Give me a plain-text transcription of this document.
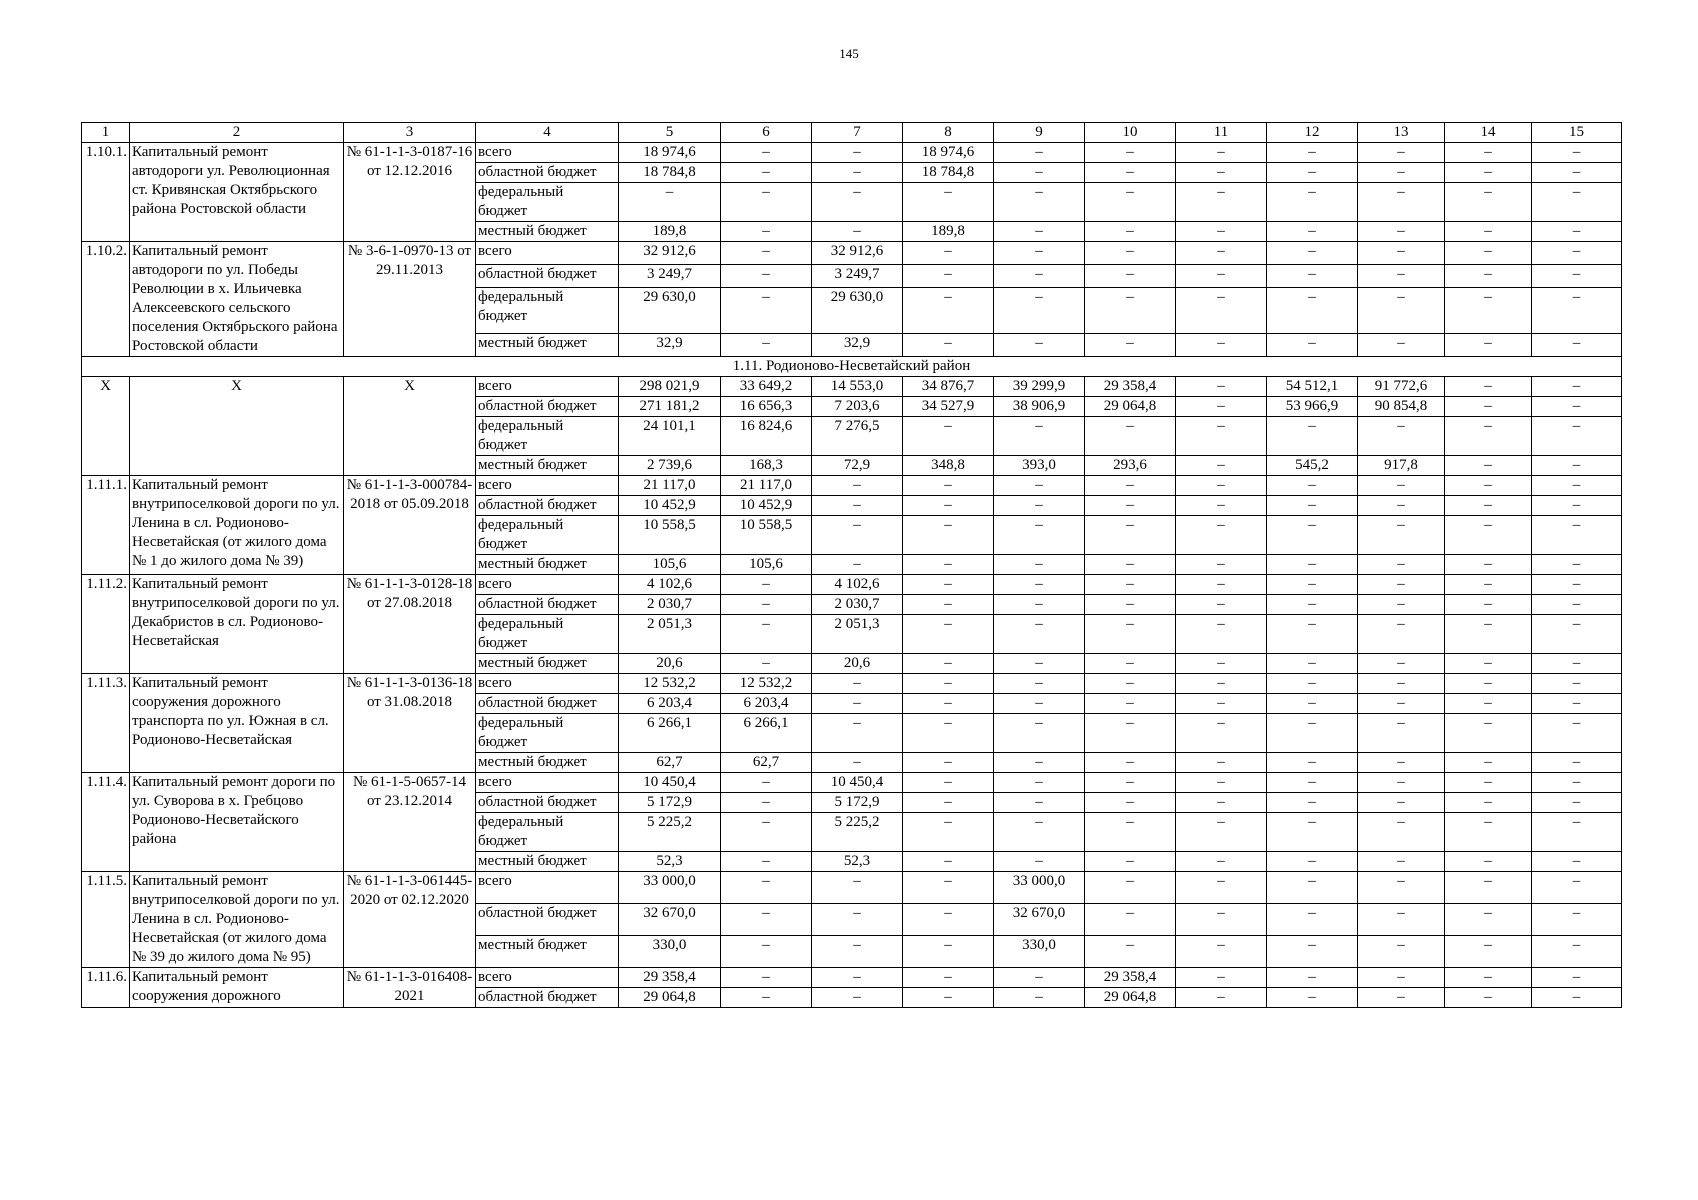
145
1	2	3	4	5	6	7	8	9	10	11	12	13	14	15
1.10.1.	Капитальный ремонт автодороги ул. Революционная ст. Кривянская Октябрьского района Ростовской области	№ 61-1-1-3-0187-16 от 12.12.2016	всего	18 974,6	–	–	18 974,6	–	–	–	–	–	–	–
			областной бюджет	18 784,8	–	–	18 784,8	–	–	–	–	–	–	–
			федеральный бюджет	–	–	–	–	–	–	–	–	–	–	–
			местный бюджет	189,8	–	–	189,8	–	–	–	–	–	–	–
1.10.2.	Капитальный ремонт автодороги по ул. Победы Революции в х. Ильичевка Алексеевского сельского поселения Октябрьского района Ростовской области	№ 3-6-1-0970-13 от 29.11.2013	всего	32 912,6	–	32 912,6	–	–	–	–	–	–	–	–
			областной бюджет	3 249,7	–	3 249,7	–	–	–	–	–	–	–	–
			федеральный бюджет	29 630,0	–	29 630,0	–	–	–	–	–	–	–	–
			местный бюджет	32,9	–	32,9	–	–	–	–	–	–	–	–
1.11. Родионово-Несветайский район														
Х	Х	Х	всего	298 021,9	33 649,2	14 553,0	34 876,7	39 299,9	29 358,4	–	54 512,1	91 772,6	–	–
			областной бюджет	271 181,2	16 656,3	7 203,6	34 527,9	38 906,9	29 064,8	–	53 966,9	90 854,8	–	–
			федеральный бюджет	24 101,1	16 824,6	7 276,5	–	–	–	–	–	–	–	–
			местный бюджет	2 739,6	168,3	72,9	348,8	393,0	293,6	–	545,2	917,8	–	–
1.11.1.	Капитальный ремонт внутрипоселковой дороги по ул. Ленина в сл. Родионово-Несветайская (от жилого дома № 1 до жилого дома № 39)	№ 61-1-1-3-000784-2018 от 05.09.2018	всего	21 117,0	21 117,0	–	–	–	–	–	–	–	–	–
			областной бюджет	10 452,9	10 452,9	–	–	–	–	–	–	–	–	–
			федеральный бюджет	10 558,5	10 558,5	–	–	–	–	–	–	–	–	–
			местный бюджет	105,6	105,6	–	–	–	–	–	–	–	–	–
1.11.2.	Капитальный ремонт внутрипоселковой дороги по ул. Декабристов в сл. Родионово-Несветайская	№ 61-1-1-3-0128-18 от 27.08.2018	всего	4 102,6	–	4 102,6	–	–	–	–	–	–	–	–
			областной бюджет	2 030,7	–	2 030,7	–	–	–	–	–	–	–	–
			федеральный бюджет	2 051,3	–	2 051,3	–	–	–	–	–	–	–	–
			местный бюджет	20,6	–	20,6	–	–	–	–	–	–	–	–
1.11.3.	Капитальный ремонт сооружения дорожного транспорта по ул. Южная в сл. Родионово-Несветайская	№ 61-1-1-3-0136-18 от 31.08.2018	всего	12 532,2	12 532,2	–	–	–	–	–	–	–	–	–
			областной бюджет	6 203,4	6 203,4	–	–	–	–	–	–	–	–	–
			федеральный бюджет	6 266,1	6 266,1	–	–	–	–	–	–	–	–	–
			местный бюджет	62,7	62,7	–	–	–	–	–	–	–	–	–
1.11.4.	Капитальный ремонт дороги по ул. Суворова в х. Гребцово Родионово-Несветайского района	№ 61-1-5-0657-14 от 23.12.2014	всего	10 450,4	–	10 450,4	–	–	–	–	–	–	–	–
			областной бюджет	5 172,9	–	5 172,9	–	–	–	–	–	–	–	–
			федеральный бюджет	5 225,2	–	5 225,2	–	–	–	–	–	–	–	–
			местный бюджет	52,3	–	52,3	–	–	–	–	–	–	–	–
1.11.5.	Капитальный ремонт внутрипоселковой дороги по ул. Ленина в сл. Родионово-Несветайская (от жилого дома № 39 до жилого дома № 95)	№ 61-1-1-3-061445-2020 от 02.12.2020	всего	33 000,0	–	–	–	33 000,0	–	–	–	–	–	–
			областной бюджет	32 670,0	–	–	–	32 670,0	–	–	–	–	–	–
			местный бюджет	330,0	–	–	–	330,0	–	–	–	–	–	–
1.11.6.	Капитальный ремонт сооружения дорожного	№ 61-1-1-3-016408-2021	всего	29 358,4	–	–	–	–	29 358,4	–	–	–	–	–
			областной бюджет	29 064,8	–	–	–	–	29 064,8	–	–	–	–	–
